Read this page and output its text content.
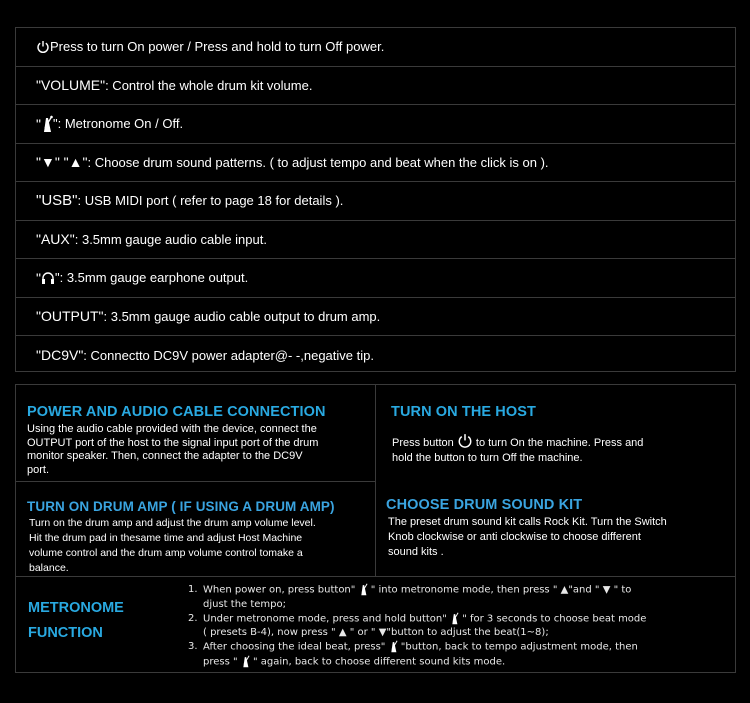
Press to turn On power / Press and hold to turn Off power.
"VOLUME" : Control the whole drum kit volume.
" ": Metronome On / Off.
"▼" "▲" : Choose drum sound patterns. ( to adjust tempo and beat when the click is on ).
"USB" : USB MIDI port ( refer to page 18 for details ).
"AUX" : 3.5mm gauge audio cable input.
" ": 3.5mm gauge earphone output.
"OUTPUT" : 3.5mm gauge audio cable output to drum amp.
"DC9V" : Connectto DC9V power adapter@- -,negative tip.
POWER AND AUDIO CABLE CONNECTION
Using the audio cable provided with the device, connect the
OUTPUT port of the host to the signal input port of the drum
monitor speaker. Then, connect the adapter to the DC9V
port.
TURN ON THE HOST
Press button  to turn On the machine. Press and
hold the button to turn Off the machine.
TURN ON DRUM AMP ( IF USING A DRUM AMP)
Turn on the drum amp and adjust the drum amp volume level.
Hit the drum pad in thesame time and adjust Host Machine
volume control and the drum amp volume control tomake a
balance.
CHOOSE DRUM SOUND KIT
The preset drum sound kit calls Rock Kit. Turn the Switch
Knob clockwise or anti clockwise to choose different
sound kits .
METRONOME
FUNCTION
1. When power on, press button"  " into metronome mode, then press " ▲"and " ▼ " to
djust the tempo;
2. Under metronome mode, press and hold button"  " for 3 seconds to choose beat mode
( presets B-4), now press " ▲ " or " ▼"button to adjust the beat(1~8);
3. After choosing the ideal beat, press"  "button, back to tempo adjustment mode, then
press "  " again, back to choose different sound kits mode.
